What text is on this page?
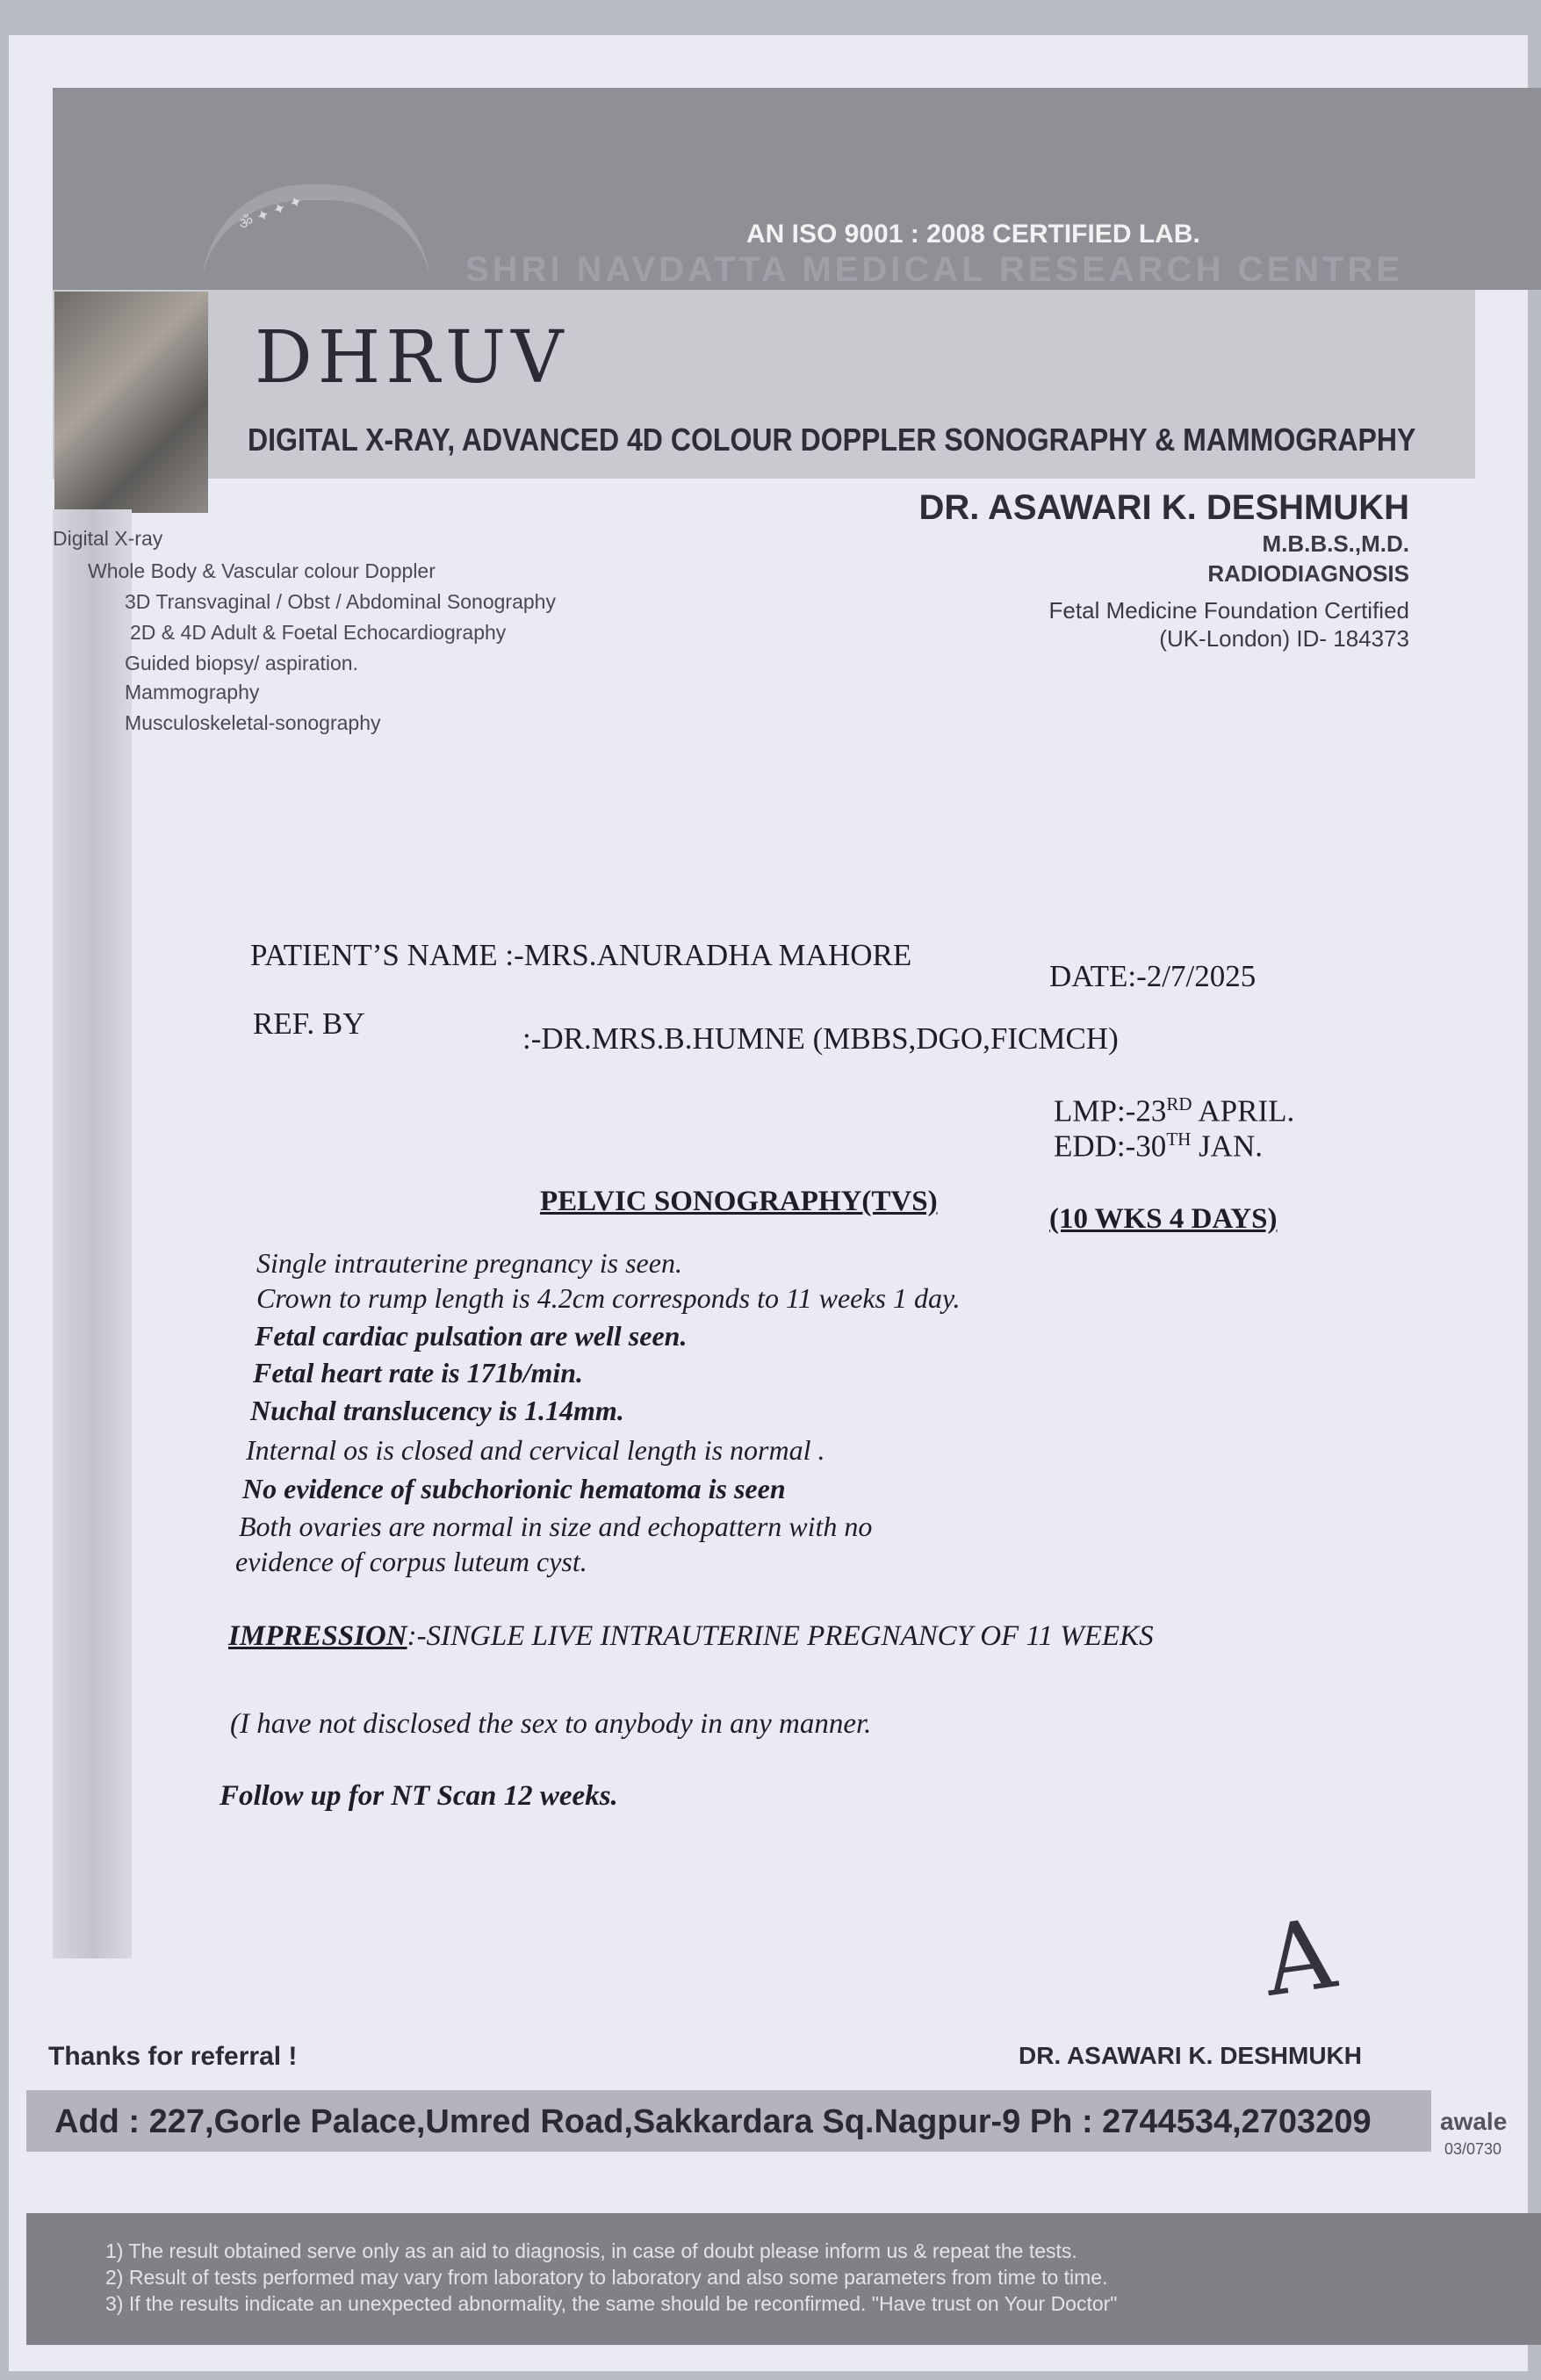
ॐ ✦ ✦ ✦
AN ISO 9001 : 2008 CERTIFIED LAB.
SHRI NAVDATTA MEDICAL RESEARCH CENTRE
DHRUV
DIGITAL X-RAY, ADVANCED 4D COLOUR DOPPLER SONOGRAPHY & MAMMOGRAPHY
DR. ASAWARI K. DESHMUKH
M.B.B.S.,M.D.
RADIODIAGNOSIS
Fetal Medicine Foundation Certified
(UK-London) ID- 184373
Digital X-ray
Whole Body & Vascular colour Doppler
3D Transvaginal / Obst / Abdominal Sonography
2D & 4D Adult & Foetal Echocardiography
Guided biopsy/ aspiration.
Mammography
Musculoskeletal-sonography
PATIENT’S NAME :-MRS.ANURADHA MAHORE
DATE:-2/7/2025
REF. BY	:-DR.MRS.B.HUMNE (MBBS,DGO,FICMCH)
LMP:-23RD APRIL.
EDD:-30TH JAN.
PELVIC SONOGRAPHY(TVS)
(10 WKS 4 DAYS)
Single intrauterine pregnancy is seen.
Crown to rump length is 4.2cm corresponds to 11 weeks 1 day.
Fetal cardiac pulsation are well seen.
Fetal heart rate is 171b/min.
Nuchal translucency is 1.14mm.
Internal os is closed and cervical length is normal .
No evidence of subchorionic hematoma is seen
Both ovaries are normal in size and echopattern with no
evidence of corpus luteum cyst.
IMPRESSION:-SINGLE LIVE INTRAUTERINE PREGNANCY OF 11 WEEKS
(I have not disclosed the sex to anybody in any manner.
Follow up for NT Scan 12 weeks.
A
Thanks for referral !	DR. ASAWARI K. DESHMUKH
Add : 227,Gorle Palace,Umred Road,Sakkardara Sq.Nagpur-9 Ph : 2744534,2703209	awale
03/0730
1) The result obtained serve only as an aid to diagnosis, in case of doubt please inform us & repeat the tests.
2) Result of tests performed may vary from laboratory to laboratory and also some parameters from time to time.
3) If the results indicate an unexpected abnormality, the same should be reconfirmed. "Have trust on Your Doctor"
